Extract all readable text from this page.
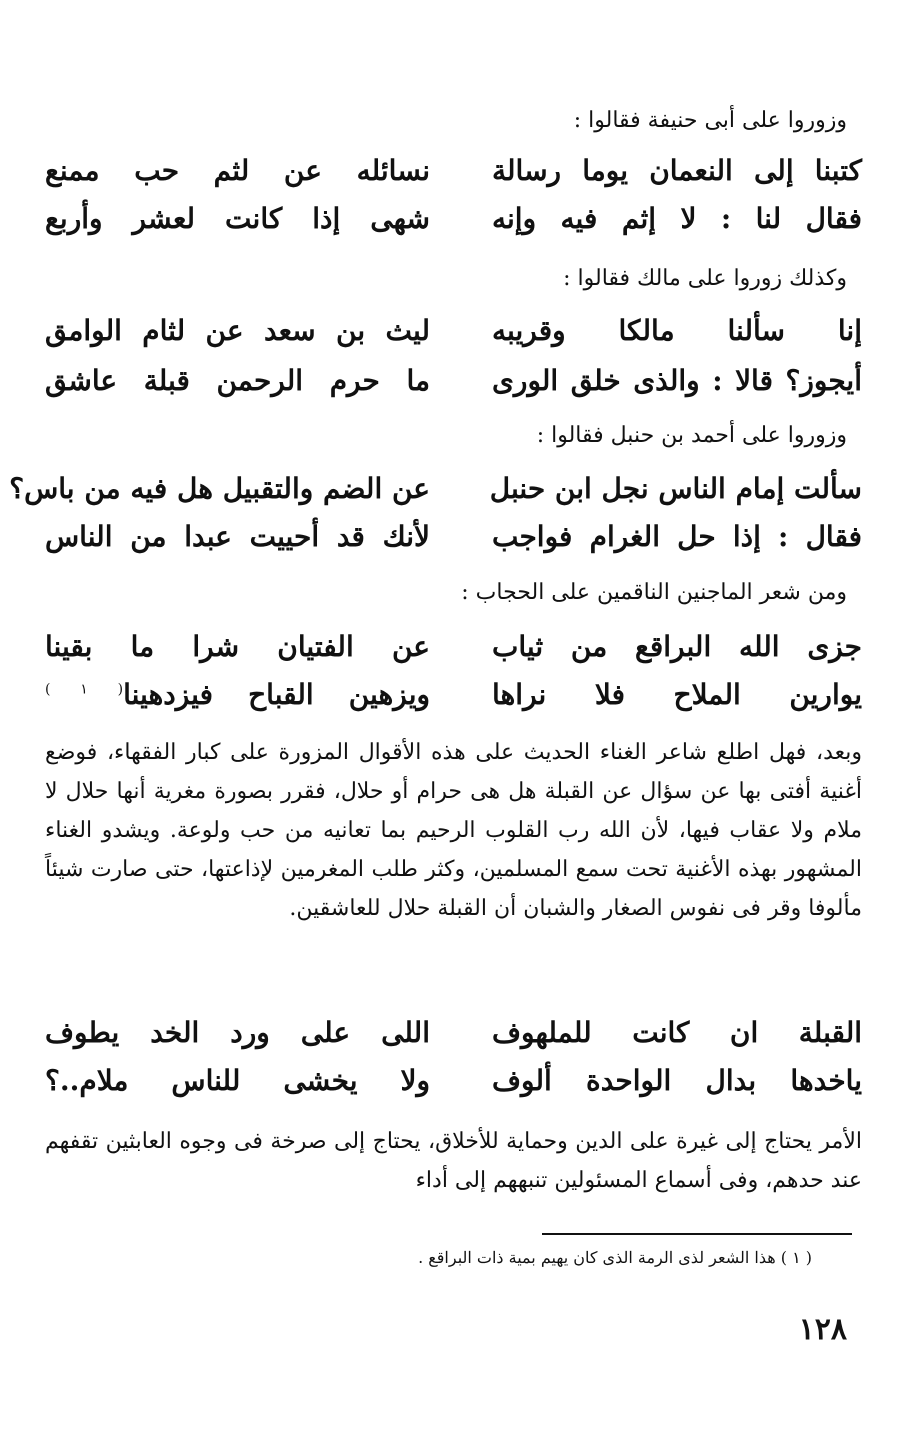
وزوروا على أبى حنيفة فقالوا :
كتبنا إلى النعمان يوما رسالة
نسائله عن لثم حب ممنع
فقال لنا : لا إثم فيه وإنه
شهى إذا كانت لعشر وأربع
وكذلك زوروا على مالك فقالوا :
إنا سألنا مالكا وقريبه
ليث بن سعد عن لثام الوامق
أيجوز؟ قالا : والذى خلق الورى
ما حرم الرحمن قبلة عاشق
وزوروا على أحمد بن حنبل فقالوا :
سألت إمام الناس نجل ابن حنبل
عن الضم والتقبيل هل فيه من باس؟
فقال : إذا حل الغرام فواجب
لأنك قد أحييت عبدا من الناس
ومن شعر الماجنين الناقمين على الحجاب :
جزى الله البراقع من ثياب
عن الفتيان شرا ما بقينا
يوارين الملاح فلا نراها
ويزهين القباح فيزدهينا$^{( ١ )}$
وبعد، فهل اطلع شاعر الغناء الحديث على هذه الأقوال المزورة على كبار الفقهاء، فوضع أغنية أفتى بها عن سؤال عن القبلة هل هى حرام أو حلال، فقرر بصورة مغرية أنها حلال لا ملام ولا عقاب فيها، لأن الله رب القلوب الرحيم بما تعانيه من حب ولوعة. ويشدو الغناء المشهور بهذه الأغنية تحت سمع المسلمين، وكثر طلب المغرمين لإذاعتها، حتى صارت شيئاً مألوفا وقر فى نفوس الصغار والشبان أن القبلة حلال للعاشقين.
القبلة ان كانت للملهوف
اللى على ورد الخد يطوف
ياخدها بدال الواحدة ألوف
ولا يخشى للناس ملام..؟
الأمر يحتاج إلى غيرة على الدين وحماية للأخلاق، يحتاج إلى صرخة فى وجوه العابثين تقفهم عند حدهم، وفى أسماع المسئولين تنبههم إلى أداء
( ١ ) هذا الشعر لذى الرمة الذى كان يهيم بمية ذات البراقع .
١٢٨
